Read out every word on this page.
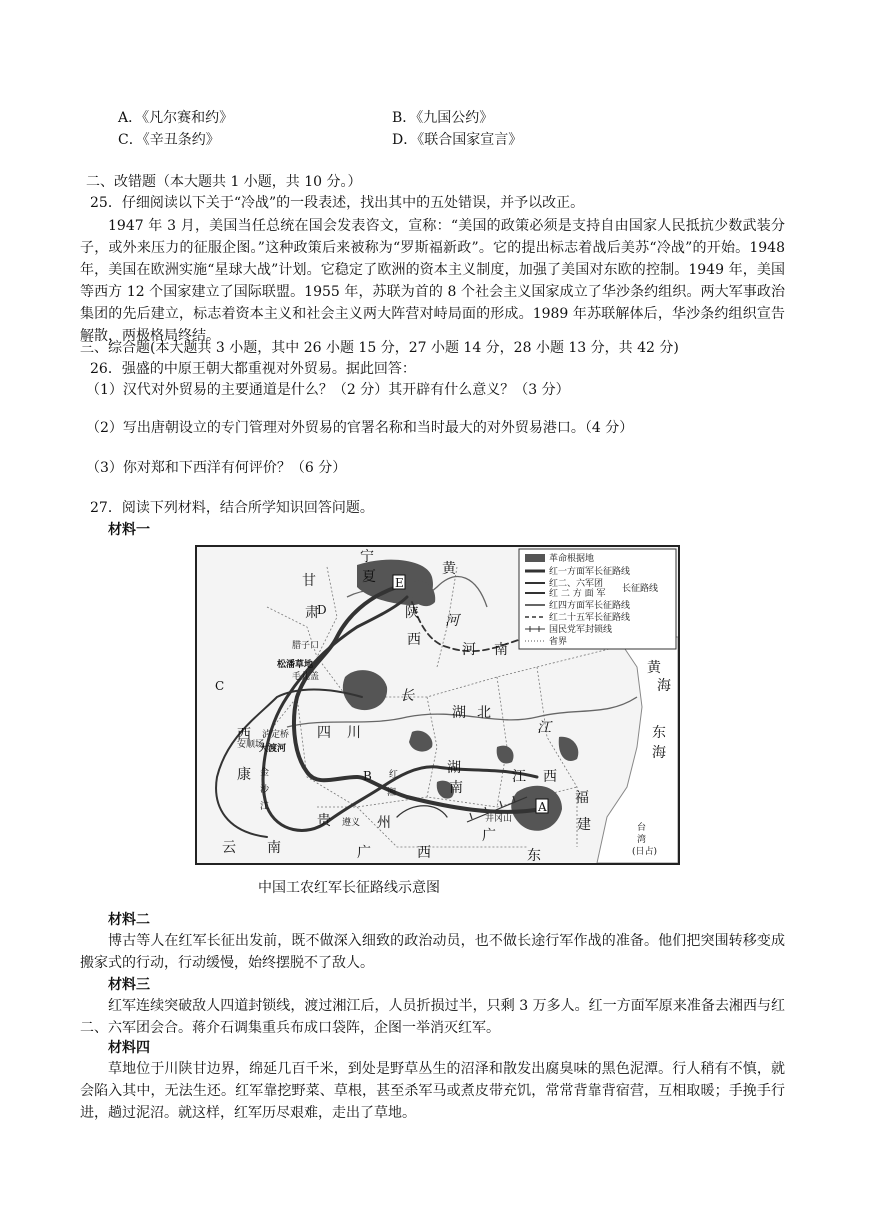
A．《凡尔赛和约》	B．《九国公约》
C．《辛丑条约》	D．《联合国家宣言》
二、改错题（本大题共 1 小题，共 10 分。）
25．仔细阅读以下关于“冷战”的一段表述，找出其中的五处错误，并予以改正。
1947 年 3 月，美国当任总统在国会发表咨文，宣称：“美国的政策必须是支持自由国家人民抵抗少数武装分子，或外来压力的征服企图。”这种政策后来被称为“罗斯福新政”。它的提出标志着战后美苏“冷战”的开始。1948 年，美国在欧洲实施“星球大战”计划。它稳定了欧洲的资本主义制度，加强了美国对东欧的控制。1949 年，美国等西方 12 个国家建立了国际联盟。1955 年，苏联为首的 8 个社会主义国家成立了华沙条约组织。两大军事政治集团的先后建立，标志着资本主义和社会主义两大阵营对峙局面的形成。1989 年苏联解体后，华沙条约组织宣告解散，两极格局终结。
三、综合题(本大题共 3 小题，其中 26 小题 15 分，27 小题 14 分，28 小题 13 分，共 42 分)
26．强盛的中原王朝大都重视对外贸易。据此回答：
（1）汉代对外贸易的主要通道是什么？（2 分）其开辟有什么意义？（3 分）
（2）写出唐朝设立的专门管理对外贸易的官署名称和当时最大的对外贸易港口。（4 分）
（3）你对郑和下西洋有何评价？（6 分）
27．阅读下列材料，结合所学知识回答问题。
材料一
革命根据地
红一方面军长征路线
红二、六军团
红 二 方 面 军 长征路线
红四方面军长征路线
红二十五军长征路线
国民党军封锁线
省界
宁
夏
甘
肃	陕
西
黄
河
河 南
黄
海
四 川
长
湖 北
江	东
海
湖
南
江 西
福
建
西
康
云 南
贵	州
广	西
广
东
台
湾
(日占)
松潘草地
毛儿盖
腊子口
泸定桥
大渡河
安顺场
金
沙
江
遵义	井冈山
红
湘
E
D
C
B
A
中国工农红军长征路线示意图
材料二
博古等人在红军长征出发前，既不做深入细致的政治动员，也不做长途行军作战的准备。他们把突围转移变成搬家式的行动，行动缓慢，始终摆脱不了敌人。
材料三
红军连续突破敌人四道封锁线，渡过湘江后，人员折损过半，只剩 3 万多人。红一方面军原来准备去湘西与红二、六军团会合。蒋介石调集重兵布成口袋阵，企图一举消灭红军。
材料四
草地位于川陕甘边界，绵延几百千米，到处是野草丛生的沼泽和散发出腐臭味的黑色泥潭。行人稍有不慎，就会陷入其中，无法生还。红军靠挖野菜、草根，甚至杀军马或煮皮带充饥，常常背靠背宿营，互相取暖；手挽手行进，趟过泥沼。就这样，红军历尽艰难，走出了草地。
